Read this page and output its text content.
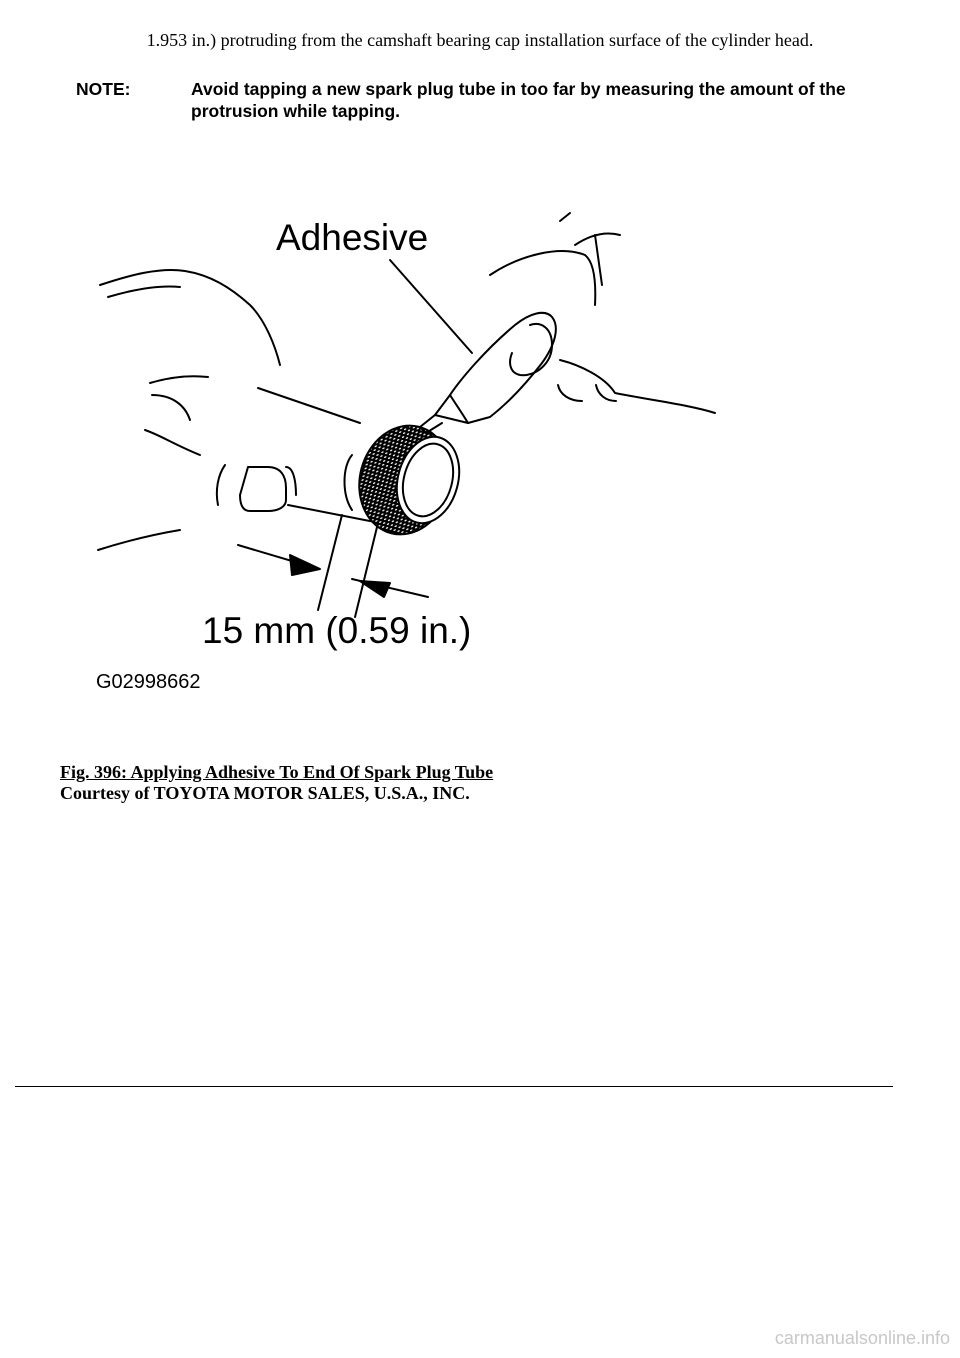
1.953 in.) protruding from the camshaft bearing cap installation surface of the cylinder head.
NOTE:	Avoid tapping a new spark plug tube in too far by measuring the amount of the protrusion while tapping.
Adhesive
15 mm (0.59 in.)
G02998662
Fig. 396: Applying Adhesive To End Of Spark Plug Tube
Courtesy of TOYOTA MOTOR SALES, U.S.A., INC.
carmanualsonline.info
